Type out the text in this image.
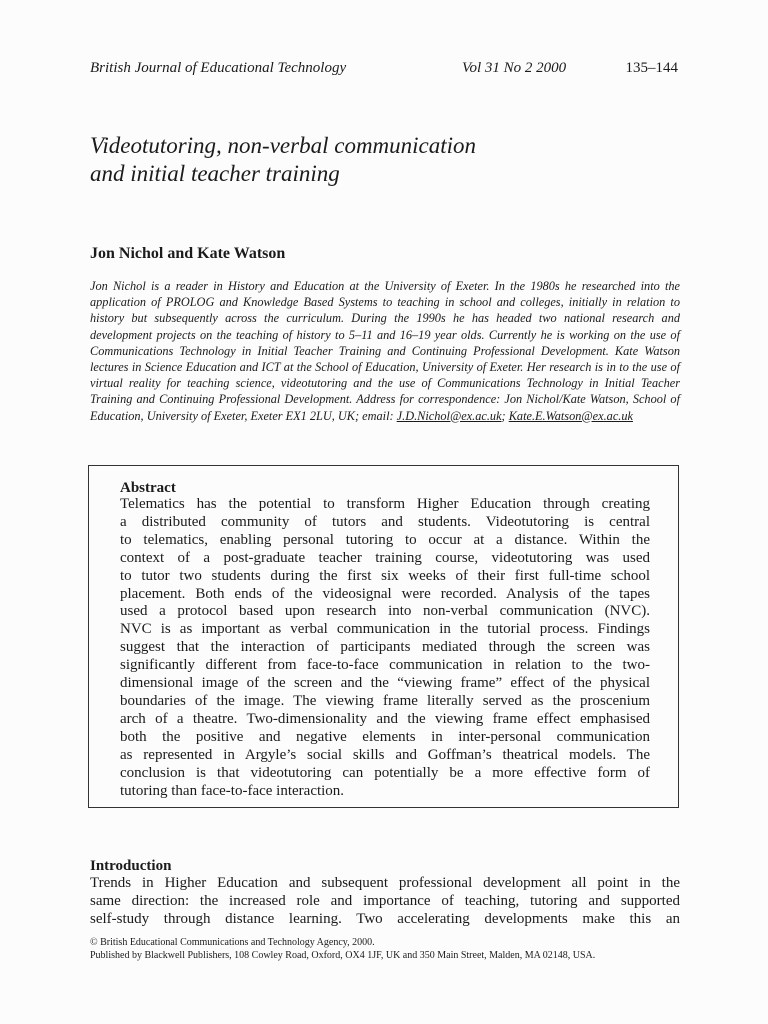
British Journal of Educational Technology	Vol 31 No 2 2000	135–144
Videotutoring, non-verbal communication
and initial teacher training
Jon Nichol and Kate Watson
Jon Nichol is a reader in History and Education at the University of Exeter. In the 1980s he researched into the application of PROLOG and Knowledge Based Systems to teaching in school and colleges, initially in relation to history but subsequently across the curriculum. During the 1990s he has headed two national research and development projects on the teaching of history to 5–11 and 16–19 year olds. Currently he is working on the use of Communications Technology in Initial Teacher Training and Continuing Professional Development. Kate Watson lectures in Science Education and ICT at the School of Education, University of Exeter. Her research is in to the use of virtual reality for teaching science, videotutoring and the use of Communications Technology in Initial Teacher Training and Continuing Professional Development. Address for correspondence: Jon Nichol/Kate Watson, School of Education, University of Exeter, Exeter EX1 2LU, UK; email: J.D.Nichol@ex.ac.uk; Kate.E.Watson@ex.ac.uk
Abstract
Telematics has the potential to transform Higher Education through creating
a distributed community of tutors and students. Videotutoring is central
to telematics, enabling personal tutoring to occur at a distance. Within the
context of a post-graduate teacher training course, videotutoring was used
to tutor two students during the first six weeks of their first full-time school
placement. Both ends of the videosignal were recorded. Analysis of the tapes
used a protocol based upon research into non-verbal communication (NVC).
NVC is as important as verbal communication in the tutorial process. Findings
suggest that the interaction of participants mediated through the screen was
significantly different from face-to-face communication in relation to the two-
dimensional image of the screen and the “viewing frame” effect of the physical
boundaries of the image. The viewing frame literally served as the proscenium
arch of a theatre. Two-dimensionality and the viewing frame effect emphasised
both the positive and negative elements in inter-personal communication
as represented in Argyle’s social skills and Goffman’s theatrical models. The
conclusion is that videotutoring can potentially be a more effective form of
tutoring than face-to-face interaction.
Introduction
Trends in Higher Education and subsequent professional development all point in the
same direction: the increased role and importance of teaching, tutoring and supported
self-study through distance learning. Two accelerating developments make this an
© British Educational Communications and Technology Agency, 2000.
Published by Blackwell Publishers, 108 Cowley Road, Oxford, OX4 1JF, UK and 350 Main Street, Malden, MA 02148, USA.
